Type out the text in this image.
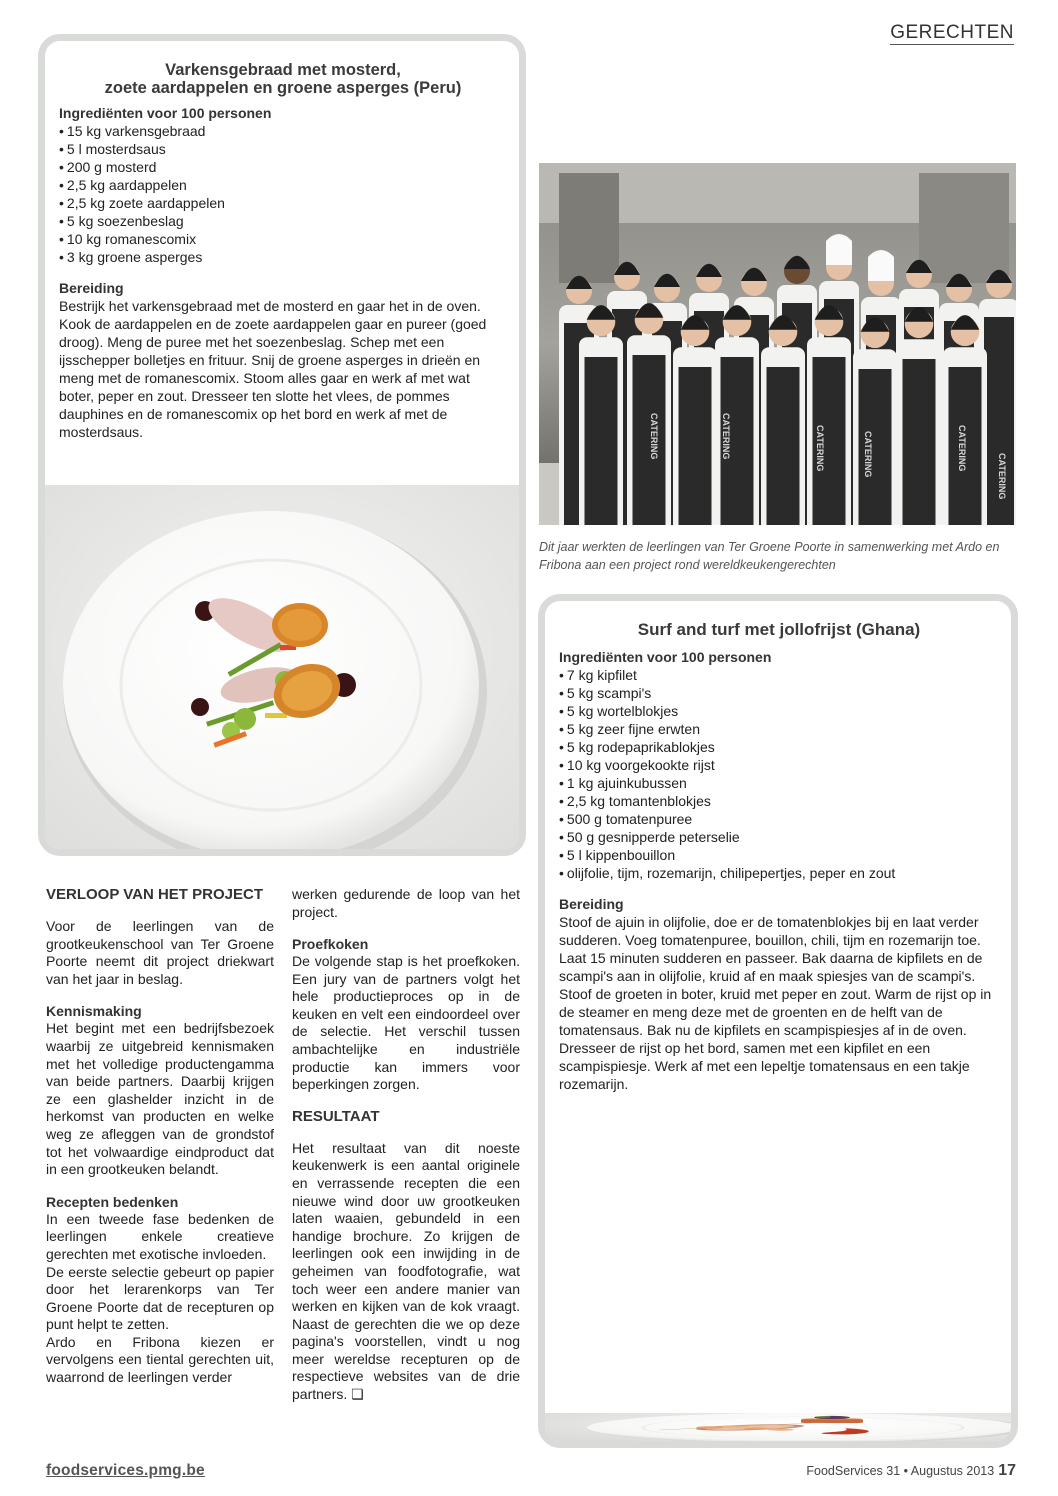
GERECHTEN
Varkensgebraad met mosterd,
zoete aardappelen en groene asperges (Peru)
Ingrediënten voor 100 personen
• 15 kg varkensgebraad
• 5 l mosterdsaus
• 200 g mosterd
• 2,5 kg aardappelen
• 2,5 kg zoete aardappelen
• 5 kg soezenbeslag
• 10 kg romanescomix
• 3 kg groene asperges
Bereiding

Bestrijk het varkensgebraad met de mosterd en gaar het in de oven. Kook de aardappelen en de zoete aardappelen gaar en pureer (goed droog). Meng de puree met het soezenbeslag. Schep met een ijsschepper bolletjes en frituur. Snij de groene asperges in drieën en meng met de romanescomix. Stoom alles gaar en werk af met wat boter, peper en zout. Dresseer ten slotte het vlees, de pommes dauphines en de romanescomix op het bord en werk af met de mosterdsaus.	CATERING	CATERING	CATERING	CATERING	CATERING
CATERING
Dit jaar werkten de leerlingen van Ter Groene Poorte in samenwerking met Ardo en Fribona aan een project rond wereldkeukengerechten
Surf and turf met jollofrijst (Ghana)
Ingrediënten voor 100 personen
• 7 kg kipfilet
• 5 kg scampi's
• 5 kg wortelblokjes
• 5 kg zeer fijne erwten
• 5 kg rodepaprikablokjes
• 10 kg voorgekookte rijst
• 1 kg ajuinkubussen
• 2,5 kg tomantenblokjes
• 500 g tomatenpuree
• 50 g gesnipperde peterselie
• 5 l kippenbouillon
• olijfolie, tijm, rozemarijn, chilipepertjes, peper en zout
Bereiding

Stoof de ajuin in olijfolie, doe er de tomatenblokjes bij en laat verder sudderen. Voeg tomatenpuree, bouillon, chili, tijm en rozemarijn toe. Laat 15 minuten sudderen en passeer. Bak daarna de kipfilets en de scampi's aan in olijfolie, kruid af en maak spiesjes van de scampi's. Stoof de groeten in boter, kruid met peper en zout. Warm de rijst op in de steamer en meng deze met de groenten en de helft van de tomatensaus. Bak nu de kipfilets en scampispiesjes af in de oven. Dresseer de rijst op het bord, samen met een kipfilet en een scampispiesje. Werk af met een lepeltje tomatensaus en een takje rozemarijn.

VERLOOP VAN HET PROJECT

Voor de leerlingen van de grootkeukenschool van Ter Groene Poorte neemt dit project driekwart van het jaar in beslag.

Kennismaking

Het begint met een bedrijfsbezoek waarbij ze uitgebreid kennismaken met het volledige productengamma van beide partners. Daarbij krijgen ze een glashelder inzicht in de herkomst van producten en welke weg ze afleggen van de grondstof tot het volwaardige eindproduct dat in een grootkeuken belandt.

Recepten bedenken

In een tweede fase bedenken de leerlingen enkele creatieve gerechten met exotische invloeden.

De eerste selectie gebeurt op papier door het lerarenkorps van Ter Groene Poorte dat de recepturen op punt helpt te zetten.

Ardo en Fribona kiezen er vervolgens een tiental gerechten uit, waarrond de leerlingen verder

werken gedurende de loop van het project.

Proefkoken

De volgende stap is het proefkoken. Een jury van de partners volgt het hele productieproces op in de keuken en velt een eindoordeel over de selectie. Het verschil tussen ambachtelijke en industriële productie kan immers voor beperkingen zorgen.

RESULTAAT

Het resultaat van dit noeste keukenwerk is een aantal originele en verrassende recepten die een nieuwe wind door uw grootkeuken laten waaien, gebundeld in een handige brochure. Zo krijgen de leerlingen ook een inwijding in de geheimen van foodfotografie, wat toch weer een andere manier van werken en kijken van de kok vraagt. Naast de gerechten die we op deze pagina's voorstellen, vindt u nog meer wereldse recepturen op de respectieve websites van de drie partners. ❏

foodservices.pmg.be	FoodServices 31 • Augustus 2013 17
